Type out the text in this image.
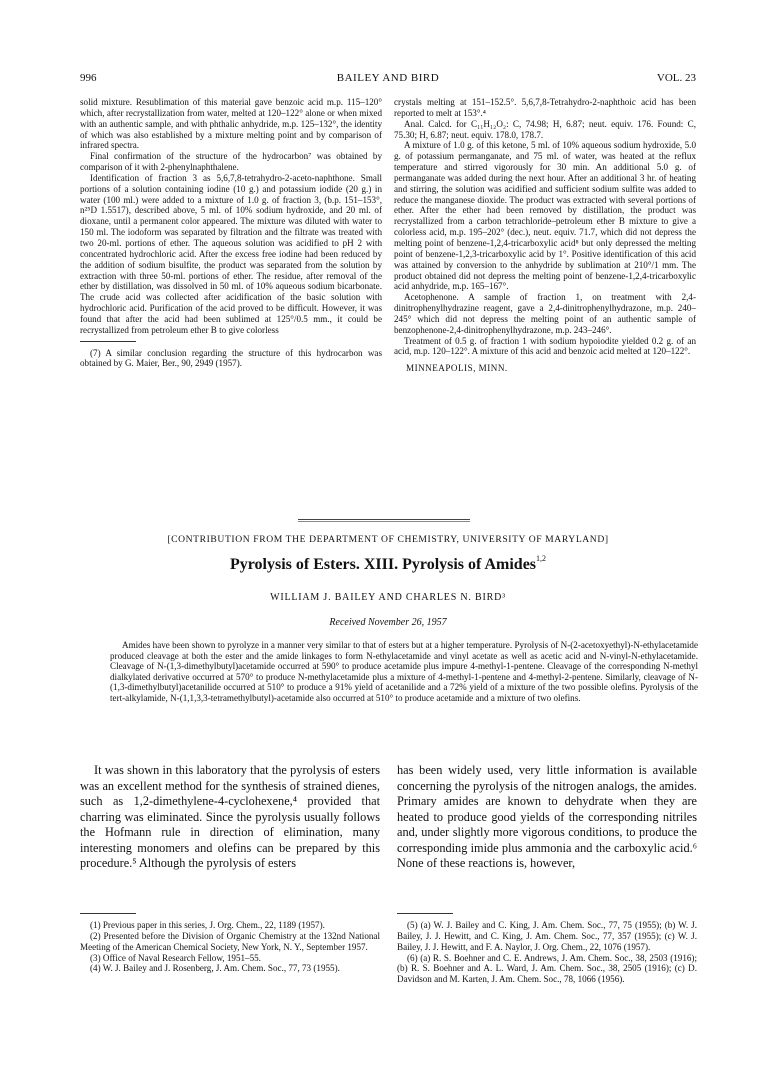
996	BAILEY AND BIRD	VOL. 23

solid mixture. Resublimation of this material gave benzoic acid m.p. 115–120° which, after recrystallization from water, melted at 120–122° alone or when mixed with an authentic sample, and with phthalic anhydride, m.p. 125–132°, the identity of which was also established by a mixture melting point and by comparison of infrared spectra.

Final confirmation of the structure of the hydrocarbon⁷ was obtained by comparison of it with 2-phenylnaphthalene.

Identification of fraction 3 as 5,6,7,8-tetrahydro-2-aceto-naphthone. Small portions of a solution containing iodine (10 g.) and potassium iodide (20 g.) in water (100 ml.) were added to a mixture of 1.0 g. of fraction 3, (b.p. 151–153°, n²⁵D 1.5517), described above, 5 ml. of 10% sodium hydroxide, and 20 ml. of dioxane, until a permanent color appeared. The mixture was diluted with water to 150 ml. The iodoform was separated by filtration and the filtrate was treated with two 20-ml. portions of ether. The aqueous solution was acidified to pH 2 with concentrated hydrochloric acid. After the excess free iodine had been reduced by the addition of sodium bisulfite, the product was separated from the solution by extraction with three 50-ml. portions of ether. The residue, after removal of the ether by distillation, was dissolved in 50 ml. of 10% aqueous sodium bicarbonate. The crude acid was collected after acidification of the basic solution with hydrochloric acid. Purification of the acid proved to be difficult. However, it was found that after the acid had been sublimed at 125°/0.5 mm., it could be recrystallized from petroleum ether B to give colorless

(7) A similar conclusion regarding the structure of this hydrocarbon was obtained by G. Maier, Ber., 90, 2949 (1957).

crystals melting at 151–152.5°. 5,6,7,8-Tetrahydro-2-naphthoic acid has been reported to melt at 153°.⁴

Anal. Calcd. for C₁₁H₁₂O₂: C, 74.98; H, 6.87; neut. equiv. 176. Found: C, 75.30; H, 6.87; neut. equiv. 178.0, 178.7.

A mixture of 1.0 g. of this ketone, 5 ml. of 10% aqueous sodium hydroxide, 5.0 g. of potassium permanganate, and 75 ml. of water, was heated at the reflux temperature and stirred vigorously for 30 min. An additional 5.0 g. of permanganate was added during the next hour. After an additional 3 hr. of heating and stirring, the solution was acidified and sufficient sodium sulfite was added to reduce the manganese dioxide. The product was extracted with several portions of ether. After the ether had been removed by distillation, the product was recrystallized from a carbon tetrachloride–petroleum ether B mixture to give a colorless acid, m.p. 195–202° (dec.), neut. equiv. 71.7, which did not depress the melting point of benzene-1,2,4-tricarboxylic acid⁸ but only depressed the melting point of benzene-1,2,3-tricarboxylic acid by 1°. Positive identification of this acid was attained by conversion to the anhydride by sublimation at 210°/1 mm. The product obtained did not depress the melting point of benzene-1,2,4-tricarboxylic acid anhydride, m.p. 165–167°.

Acetophenone. A sample of fraction 1, on treatment with 2,4-dinitrophenylhydrazine reagent, gave a 2,4-dinitrophenylhydrazone, m.p. 240–245° which did not depress the melting point of an authentic sample of benzophenone-2,4-dinitrophenylhydrazone, m.p. 243–246°.

Treatment of 0.5 g. of fraction 1 with sodium hypoiodite yielded 0.2 g. of an acid, m.p. 120–122°. A mixture of this acid and benzoic acid melted at 120–122°.

MINNEAPOLIS, MINN.

[CONTRIBUTION FROM THE DEPARTMENT OF CHEMISTRY, UNIVERSITY OF MARYLAND]
Pyrolysis of Esters. XIII. Pyrolysis of Amides$^{1,2}$
WILLIAM J. BAILEY AND CHARLES N. BIRD³
Received November 26, 1957

Amides have been shown to pyrolyze in a manner very similar to that of esters but at a higher temperature. Pyrolysis of N-(2-acetoxyethyl)-N-ethylacetamide produced cleavage at both the ester and the amide linkages to form N-ethylacetamide and vinyl acetate as well as acetic acid and N-vinyl-N-ethylacetamide. Cleavage of N-(1,3-dimethylbutyl)acetamide occurred at 590° to produce acetamide plus impure 4-methyl-1-pentene. Cleavage of the corresponding N-methyl dialkylated derivative occurred at 570° to produce N-methylacetamide plus a mixture of 4-methyl-1-pentene and 4-methyl-2-pentene. Similarly, cleavage of N-(1,3-dimethylbutyl)acetanilide occurred at 510° to produce a 91% yield of acetanilide and a 72% yield of a mixture of the two possible olefins. Pyrolysis of the tert-alkylamide, N-(1,1,3,3-tetramethylbutyl)-acetamide also occurred at 510° to produce acetamide and a mixture of two olefins.

It was shown in this laboratory that the pyrolysis of esters was an excellent method for the synthesis of strained dienes, such as 1,2-dimethylene-4-cyclohexene,⁴ provided that charring was eliminated. Since the pyrolysis usually follows the Hofmann rule in direction of elimination, many interesting monomers and olefins can be prepared by this procedure.⁵ Although the pyrolysis of esters

has been widely used, very little information is available concerning the pyrolysis of the nitrogen analogs, the amides. Primary amides are known to dehydrate when they are heated to produce good yields of the corresponding nitriles and, under slightly more vigorous conditions, to produce the corresponding imide plus ammonia and the carboxylic acid.⁶ None of these reactions is, however,

(1) Previous paper in this series, J. Org. Chem., 22, 1189 (1957).

(2) Presented before the Division of Organic Chemistry at the 132nd National Meeting of the American Chemical Society, New York, N. Y., September 1957.

(3) Office of Naval Research Fellow, 1951–55.

(4) W. J. Bailey and J. Rosenberg, J. Am. Chem. Soc., 77, 73 (1955).

(5) (a) W. J. Bailey and C. King, J. Am. Chem. Soc., 77, 75 (1955); (b) W. J. Bailey, J. J. Hewitt, and C. King, J. Am. Chem. Soc., 77, 357 (1955); (c) W. J. Bailey, J. J. Hewitt, and F. A. Naylor, J. Org. Chem., 22, 1076 (1957).

(6) (a) R. S. Boehner and C. E. Andrews, J. Am. Chem. Soc., 38, 2503 (1916); (b) R. S. Boehner and A. L. Ward, J. Am. Chem. Soc., 38, 2505 (1916); (c) D. Davidson and M. Karten, J. Am. Chem. Soc., 78, 1066 (1956).
